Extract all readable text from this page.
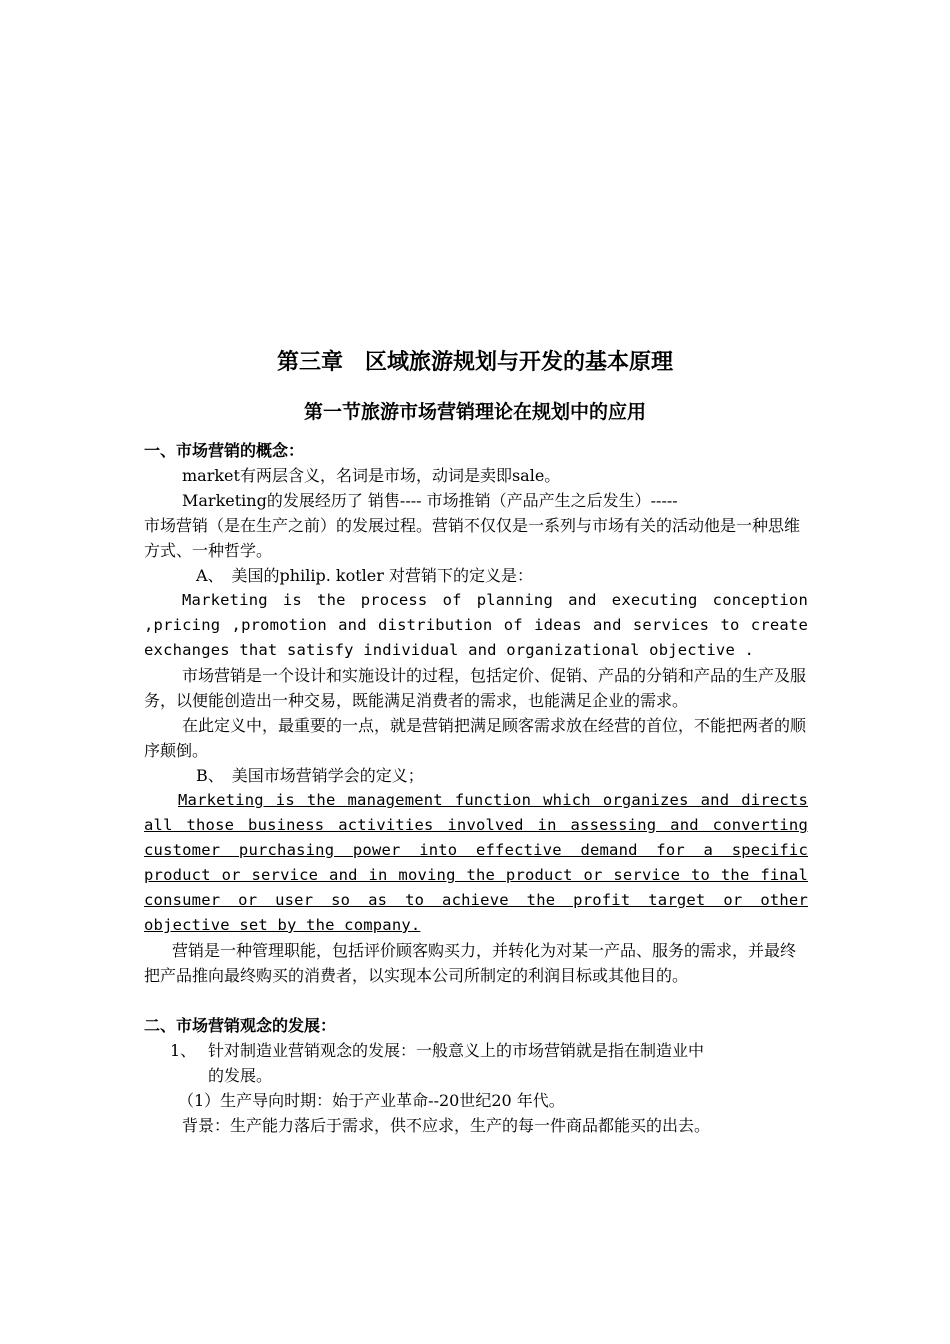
第三章　区域旅游规划与开发的基本原理
第一节旅游市场营销理论在规划中的应用

一、市场营销的概念：

market有两层含义，名词是市场，动词是卖即sale。

Marketing的发展经历了 销售---- 市场推销（产品产生之后发生）-----

市场营销（是在生产之前）的发展过程。营销不仅仅是一系列与市场有关的活动他是一种思维方式、一种哲学。

A、　美国的philip. kotler 对营销下的定义是：

Marketing is the process of planning and executing conception ,pricing ,promotion and distribution of ideas and services to create exchanges that satisfy individual and organizational objective .

市场营销是一个设计和实施设计的过程，包括定价、促销、产品的分销和产品的生产及服务，以便能创造出一种交易，既能满足消费者的需求，也能满足企业的需求。

在此定义中，最重要的一点，就是营销把满足顾客需求放在经营的首位，不能把两者的顺序颠倒。

B、　美国市场营销学会的定义；

Marketing is the management function which organizes and directs all those business activities involved in assessing and converting customer purchasing power into effective demand for a specific product or service and in moving the product or service to the final consumer or user so as to achieve the profit target or other objective set by the company.

营销是一种管理职能，包括评价顾客购买力，并转化为对某一产品、服务的需求，并最终把产品推向最终购买的消费者，以实现本公司所制定的利润目标或其他目的。

二、市场营销观念的发展：

1、 针对制造业营销观念的发展：一般意义上的市场营销就是指在制造业中

的发展。

（1）生产导向时期：始于产业革命--20世纪20 年代。

背景：生产能力落后于需求，供不应求，生产的每一件商品都能买的出去。
